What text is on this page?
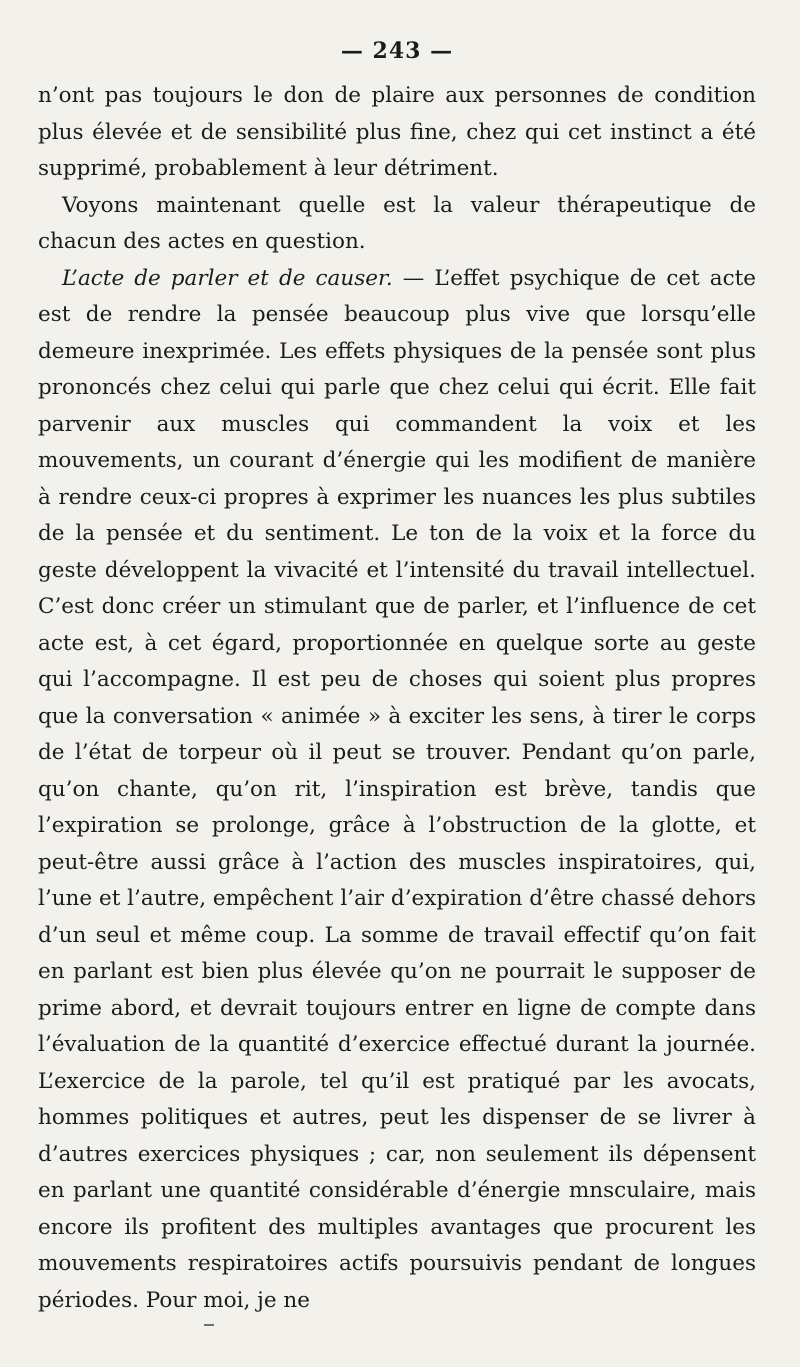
— 243 —

n’ont pas toujours le don de plaire aux personnes de condition plus élevée et de sensibilité plus fine, chez qui cet instinct a été supprimé, probablement à leur détriment.

Voyons maintenant quelle est la valeur thérapeutique de chacun des actes en question.

L’acte de parler et de causer. — L’effet psychique de cet acte est de rendre la pensée beaucoup plus vive que lorsqu’elle demeure inexprimée. Les effets physiques de la pensée sont plus prononcés chez celui qui parle que chez celui qui écrit. Elle fait parvenir aux muscles qui commandent la voix et les mouvements, un courant d’énergie qui les modifient de manière à rendre ceux-ci propres à exprimer les nuances les plus subtiles de la pensée et du sentiment. Le ton de la voix et la force du geste développent la vivacité et l’intensité du travail intellectuel. C’est donc créer un stimulant que de parler, et l’influence de cet acte est, à cet égard, proportionnée en quelque sorte au geste qui l’accompagne. Il est peu de choses qui soient plus propres que la conversation « animée » à exciter les sens, à tirer le corps de l’état de torpeur où il peut se trouver. Pendant qu’on parle, qu’on chante, qu’on rit, l’inspiration est brève, tandis que l’expiration se prolonge, grâce à l’obstruction de la glotte, et peut-être aussi grâce à l’action des muscles inspiratoires, qui, l’une et l’autre, empêchent l’air d’expiration d’être chassé dehors d’un seul et même coup. La somme de travail effectif qu’on fait en parlant est bien plus élevée qu’on ne pourrait le supposer de prime abord, et devrait toujours entrer en ligne de compte dans l’évaluation de la quantité d’exercice effectué durant la journée. L’exercice de la parole, tel qu’il est pratiqué par les avocats, hommes politiques et autres, peut les dispenser de se livrer à d’autres exercices physiques ; car, non seulement ils dépensent en parlant une quantité considérable d’énergie mnsculaire, mais encore ils profitent des multiples avantages que procurent les mouvements respiratoires actifs poursuivis pendant de longues périodes. Pour moi, je ne
